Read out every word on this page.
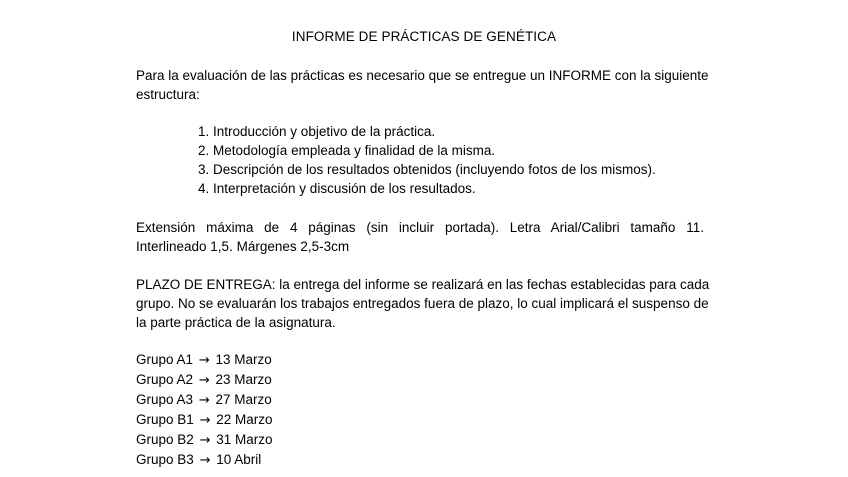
INFORME DE PRÁCTICAS DE GENÉTICA
Para la evaluación de las prácticas es necesario que se entregue un INFORME con la siguiente estructura:
1. Introducción y objetivo de la práctica.
2. Metodología empleada y finalidad de la misma.
3. Descripción de los resultados obtenidos (incluyendo fotos de los mismos).
4. Interpretación y discusión de los resultados.
Extensión máxima de 4 páginas (sin incluir portada). Letra Arial/Calibri tamaño 11.
Interlineado 1,5. Márgenes 2,5-3cm
PLAZO DE ENTREGA: la entrega del informe se realizará en las fechas establecidas para cada grupo. No se evaluarán los trabajos entregados fuera de plazo, lo cual implicará el suspenso de la parte práctica de la asignatura.
Grupo A1 → 13 Marzo
Grupo A2 → 23 Marzo
Grupo A3 → 27 Marzo
Grupo B1 → 22 Marzo
Grupo B2 → 31 Marzo
Grupo B3 → 10 Abril
